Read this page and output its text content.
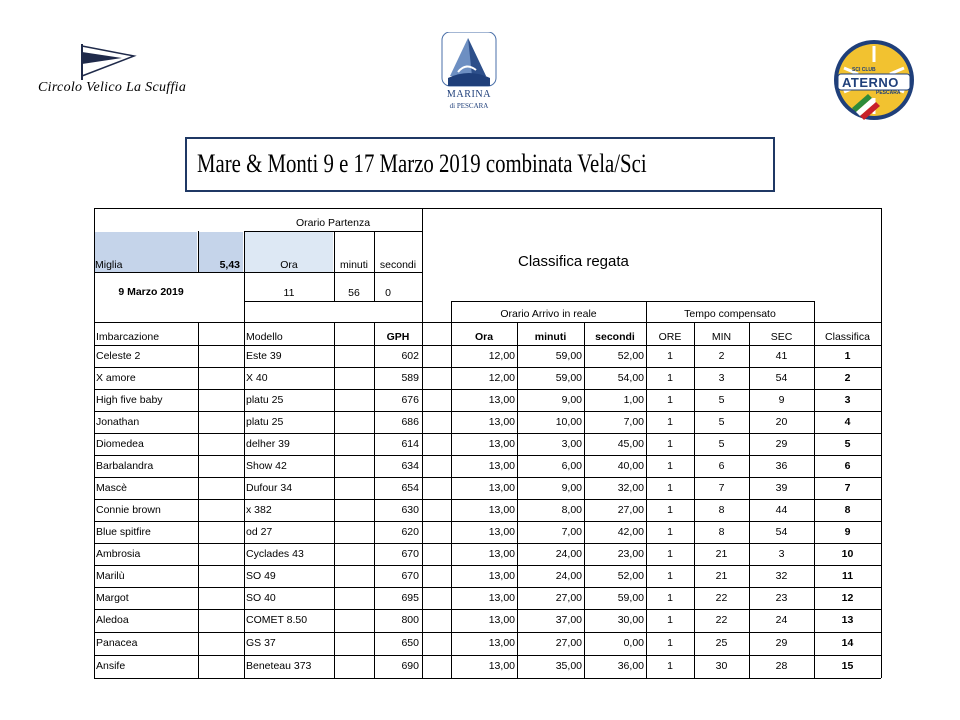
Circolo Velico La Scuffia	MARINA
di PESCARA
SCI CLUB
ATERNO
PESCARA
Mare & Monti 9 e 17 Marzo 2019 combinata Vela/Sci
Orario Partenza
Miglia	5,43	Ora	minuti	secondi
9 Marzo 2019	11	56	0
Classifica regata
Orario Arrivo in reale	Tempo compensato
Imbarcazione	Modello	GPH	Ora	minuti	secondi	ORE	MIN	SEC	Classifica
Celeste 2	Este 39	602	12,00	59,00	52,00	1	2	41	1
X amore	X 40	589	12,00	59,00	54,00	1	3	54	2
High five baby	platu 25	676	13,00	9,00	1,00	1	5	9	3
Jonathan	platu 25	686	13,00	10,00	7,00	1	5	20	4
Diomedea	delher 39	614	13,00	3,00	45,00	1	5	29	5
Barbalandra	Show 42	634	13,00	6,00	40,00	1	6	36	6
Mascè	Dufour 34	654	13,00	9,00	32,00	1	7	39	7
Connie brown	x 382	630	13,00	8,00	27,00	1	8	44	8
Blue spitfire	od 27	620	13,00	7,00	42,00	1	8	54	9
Ambrosia	Cyclades 43	670	13,00	24,00	23,00	1	21	3	10
Marilù	SO 49	670	13,00	24,00	52,00	1	21	32	11
Margot	SO 40	695	13,00	27,00	59,00	1	22	23	12
Aledoa	COMET 8.50	800	13,00	37,00	30,00	1	22	24	13
Panacea	GS 37	650	13,00	27,00	0,00	1	25	29	14
Ansife	Beneteau 373	690	13,00	35,00	36,00	1	30	28	15
